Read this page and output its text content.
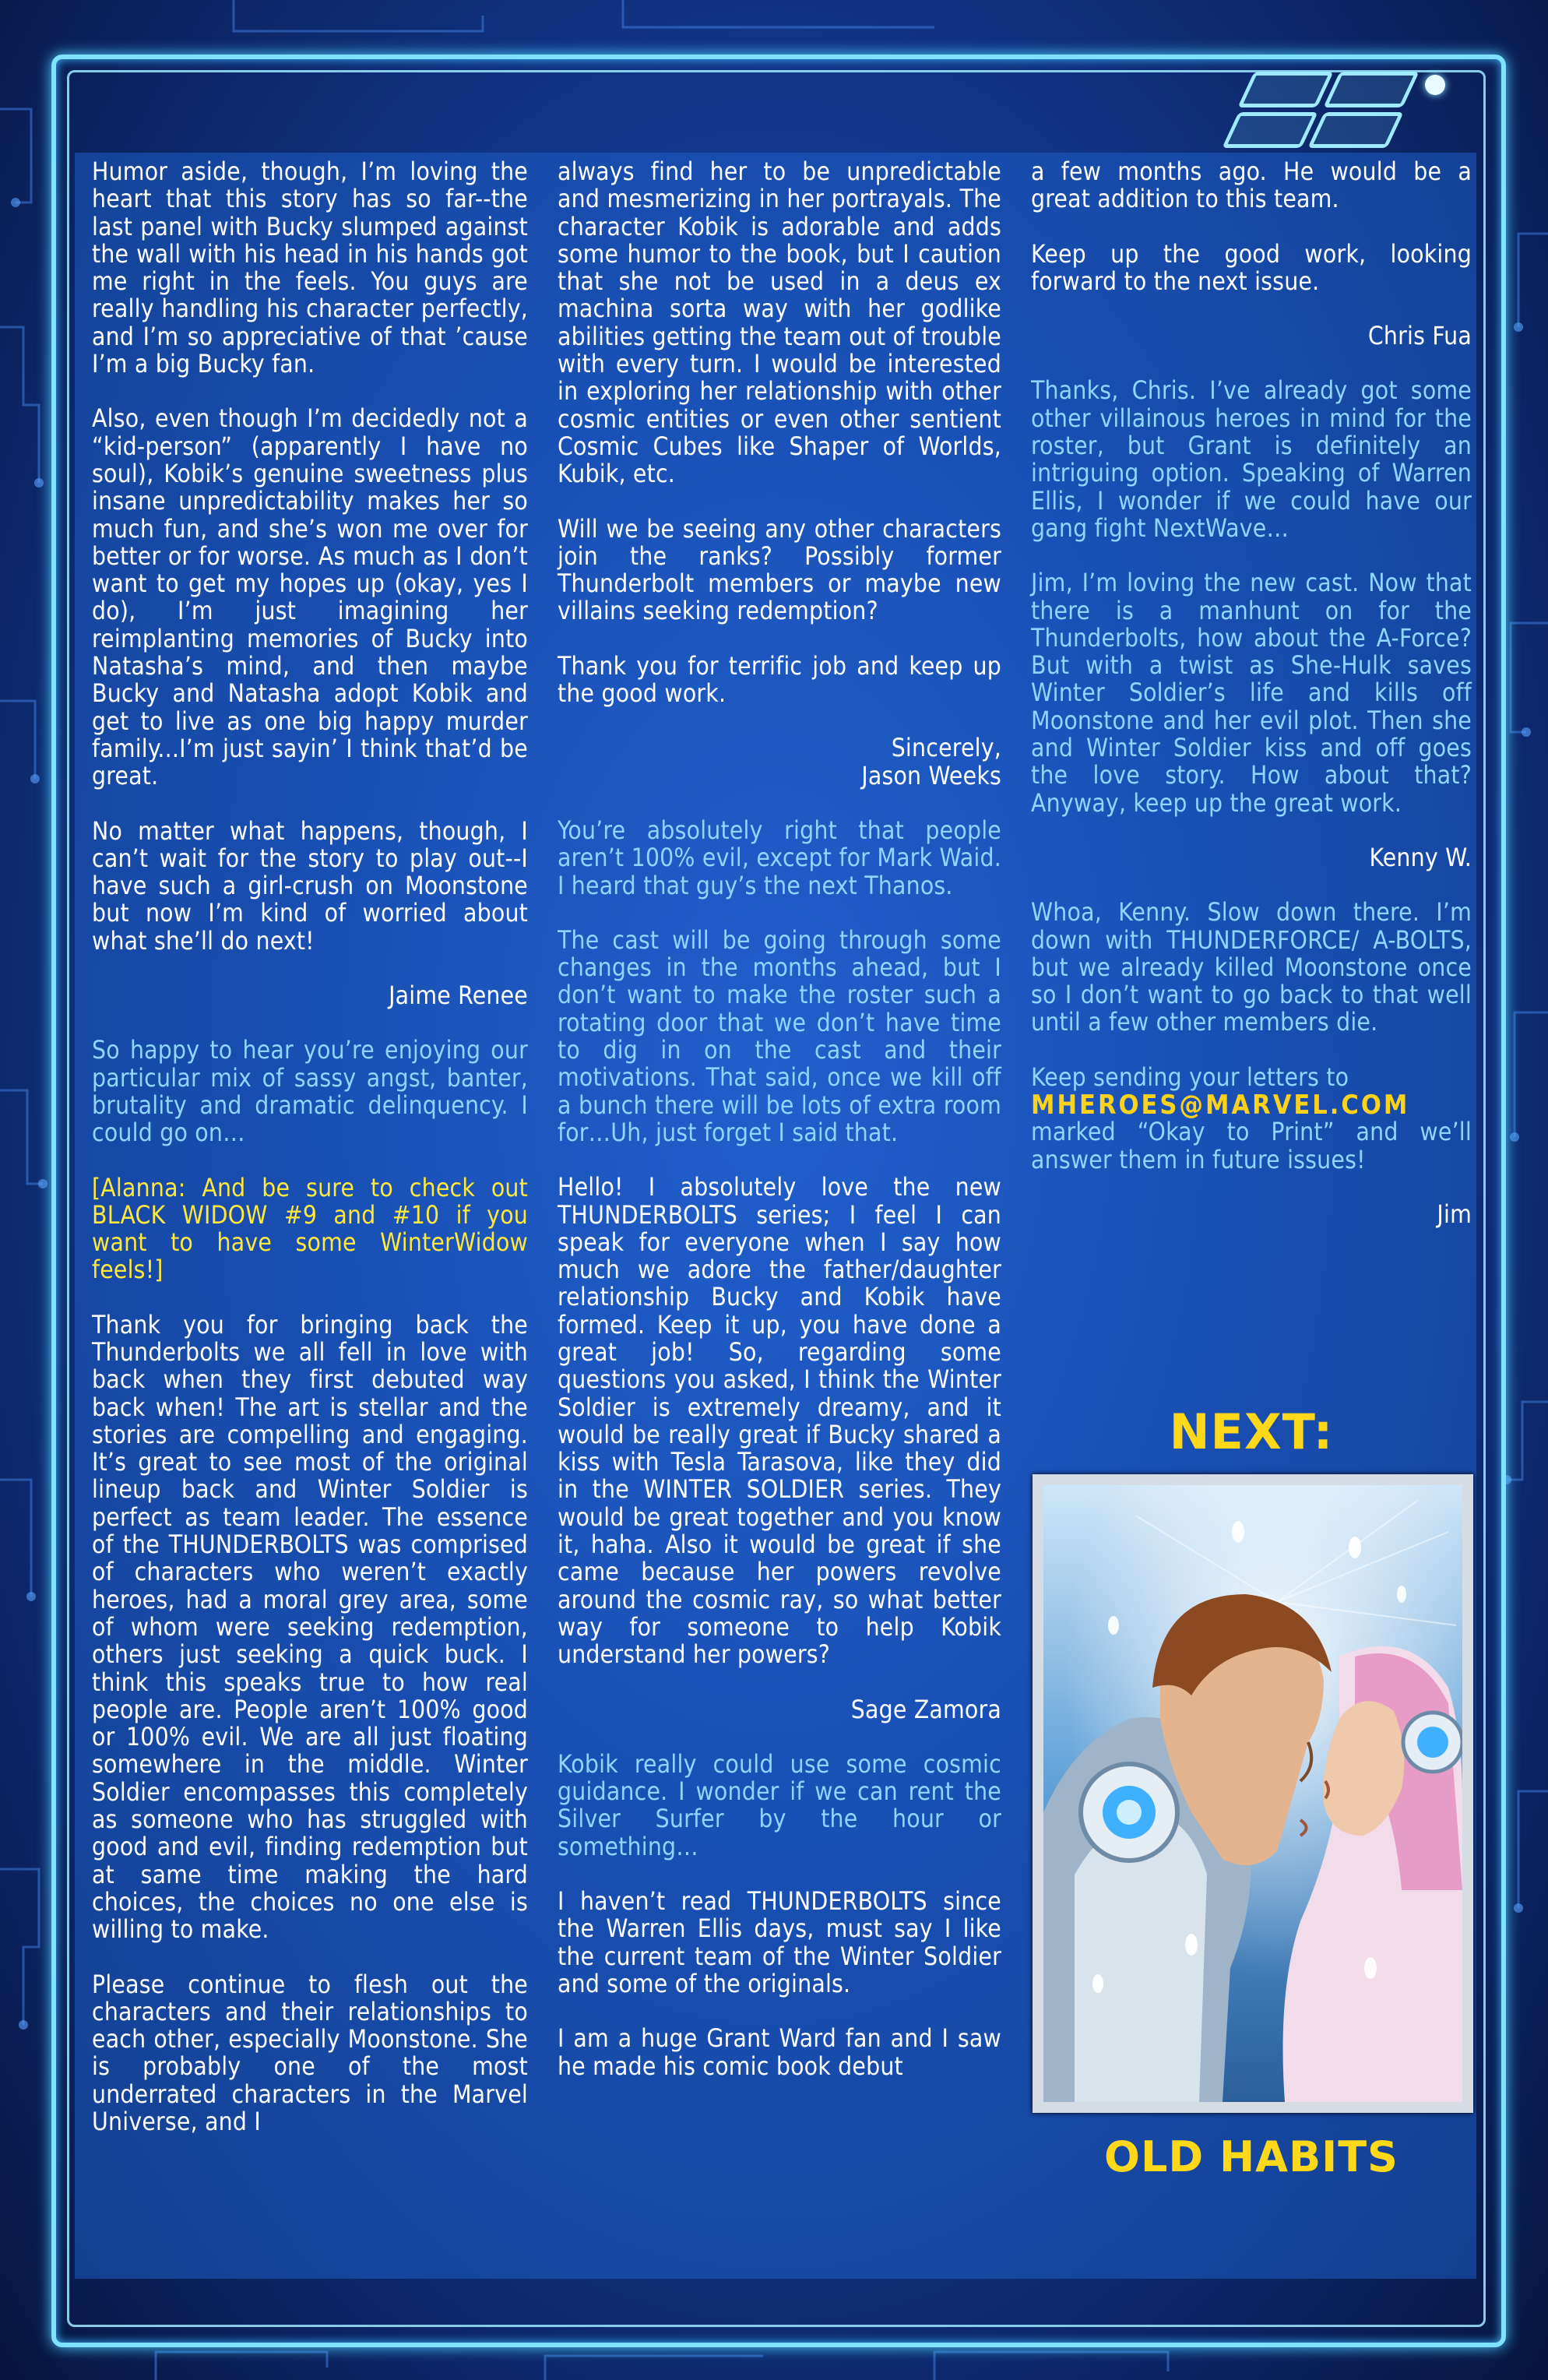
Humor aside, though, I’m loving the heart that this story has so far--the last panel with Bucky slumped against the wall with his head in his hands got me right in the feels. You guys are really handling his character perfectly, and I’m so appreciative of that ’cause I’m a big Bucky fan.

Also, even though I’m decidedly not a “kid-person” (apparently I have no soul), Kobik’s genuine sweetness plus insane unpredictability makes her so much fun, and she’s won me over for better or for worse. As much as I don’t want to get my hopes up (okay, yes I do), I’m just imagining her reimplanting memories of Bucky into Natasha’s mind, and then maybe Bucky and Natasha adopt Kobik and get to live as one big happy murder family...I’m just sayin’ I think that’d be great.

No matter what happens, though, I can’t wait for the story to play out--I have such a girl-crush on Moonstone but now I’m kind of worried about what she’ll do next!

Jaime Renee

So happy to hear you’re enjoying our particular mix of sassy angst, banter, brutality and dramatic delinquency. I could go on…

[Alanna: And be sure to check out BLACK WIDOW #9 and #10 if you want to have some WinterWidow feels!]

Thank you for bringing back the Thunderbolts we all fell in love with back when they first debuted way back when! The art is stellar and the stories are compelling and engaging. It’s great to see most of the original lineup back and Winter Soldier is perfect as team leader. The essence of the THUNDERBOLTS was comprised of characters who weren’t exactly heroes, had a moral grey area, some of whom were seeking redemption, others just seeking a quick buck. I think this speaks true to how real people are. People aren’t 100% good or 100% evil. We are all just floating somewhere in the middle. Winter Soldier encompasses this completely as someone who has struggled with good and evil, finding redemption but at same time making the hard choices, the choices no one else is willing to make.

Please continue to flesh out the characters and their relationships to each other, especially Moonstone. She is probably one of the most underrated characters in the Marvel Universe, and I

always find her to be unpredictable and mesmerizing in her portrayals. The character Kobik is adorable and adds some humor to the book, but I caution that she not be used in a deus ex machina sorta way with her godlike abilities getting the team out of trouble with every turn. I would be interested in exploring her relationship with other cosmic entities or even other sentient Cosmic Cubes like Shaper of Worlds, Kubik, etc.

Will we be seeing any other characters join the ranks? Possibly former Thunderbolt members or maybe new villains seeking redemption?

Thank you for terrific job and keep up the good work.

Sincerely,
Jason Weeks

You’re absolutely right that people aren’t 100% evil, except for Mark Waid. I heard that guy’s the next Thanos.

The cast will be going through some changes in the months ahead, but I don’t want to make the roster such a rotating door that we don’t have time to dig in on the cast and their motivations. That said, once we kill off a bunch there will be lots of extra room for…Uh, just forget I said that.

Hello! I absolutely love the new THUNDERBOLTS series; I feel I can speak for everyone when I say how much we adore the father/daughter relationship Bucky and Kobik have formed. Keep it up, you have done a great job! So, regarding some questions you asked, I think the Winter Soldier is extremely dreamy, and it would be really great if Bucky shared a kiss with Tesla Tarasova, like they did in the WINTER SOLDIER series. They would be great together and you know it, haha. Also it would be great if she came because her powers revolve around the cosmic ray, so what better way for someone to help Kobik understand her powers?

Sage Zamora

Kobik really could use some cosmic guidance. I wonder if we can rent the Silver Surfer by the hour or something…

I haven’t read THUNDERBOLTS since the Warren Ellis days, must say I like the current team of the Winter Soldier and some of the originals.

I am a huge Grant Ward fan and I saw he made his comic book debut

a few months ago. He would be a great addition to this team.

Keep up the good work, looking forward to the next issue.

Chris Fua

Thanks, Chris. I’ve already got some other villainous heroes in mind for the roster, but Grant is definitely an intriguing option. Speaking of Warren Ellis, I wonder if we could have our gang fight NextWave…

Jim, I’m loving the new cast. Now that there is a manhunt on for the Thunderbolts, how about the A-Force? But with a twist as She-Hulk saves Winter Soldier’s life and kills off Moonstone and her evil plot. Then she and Winter Soldier kiss and off goes the love story. How about that? Anyway, keep up the great work.

Kenny W.

Whoa, Kenny. Slow down there. I’m down with THUNDERFORCE/ A-BOLTS, but we already killed Moonstone once so I don’t want to go back to that well until a few other members die.

Keep sending your letters to

MHEROES@MARVEL.COM

marked “Okay to Print” and we’ll answer them in future issues!

Jim

NEXT:
OLD HABITS
